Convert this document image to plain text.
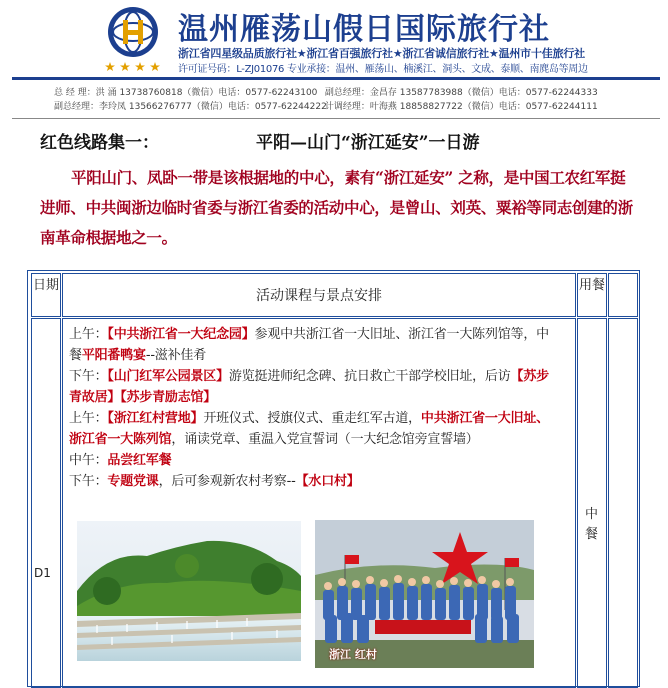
温州雁荡山假日国际旅行社
浙江省四星级品质旅行社★浙江省百强旅行社★浙江省诚信旅行社★温州市十佳旅行社
许可证号码：L-ZJ01076 专业承接：温州、雁荡山、楠溪江、洞头、文成、泰顺、南麂岛等周边
总 经 理：洪 涌 13738760818（微信）电话：0577-62243100 副总经理：金昌存 13587783988（微信）电话：0577-62244333
副总经理：李玲凤 13566276777（微信）电话：0577-62244222 计调经理：叶海燕 18858827722（微信）电话：0577-62244111
红色线路集一：	平阳—山门“浙江延安”一日游
平阳山门、凤卧一带是该根据地的中心，素有“浙江延安” 之称，是中国工农红军挺进师、中共闽浙边临时省委与浙江省委的活动中心，是曾山、刘英、粟裕等同志创建的浙南革命根据地之一。
日期
活动课程与景点安排
用餐
D1

上午：【中共浙江省一大纪念园】参观中共浙江省一大旧址、浙江省一大陈列馆等，中餐平阳番鸭宴--滋补佳肴

下午：【山门红军公园景区】游览挺进师纪念碑、抗日救亡干部学校旧址，后访【苏步青故居】【苏步青励志馆】

上午：【浙江红村营地】开班仪式、授旗仪式、重走红军古道，中共浙江省一大旧址、浙江省一大陈列馆，诵读党章、重温入党宣誓词（一大纪念馆旁宣誓墙）

中午：品尝红军餐

下午：专题党课，后可参观新农村考察--【水口村】

中餐
浙江 红村
